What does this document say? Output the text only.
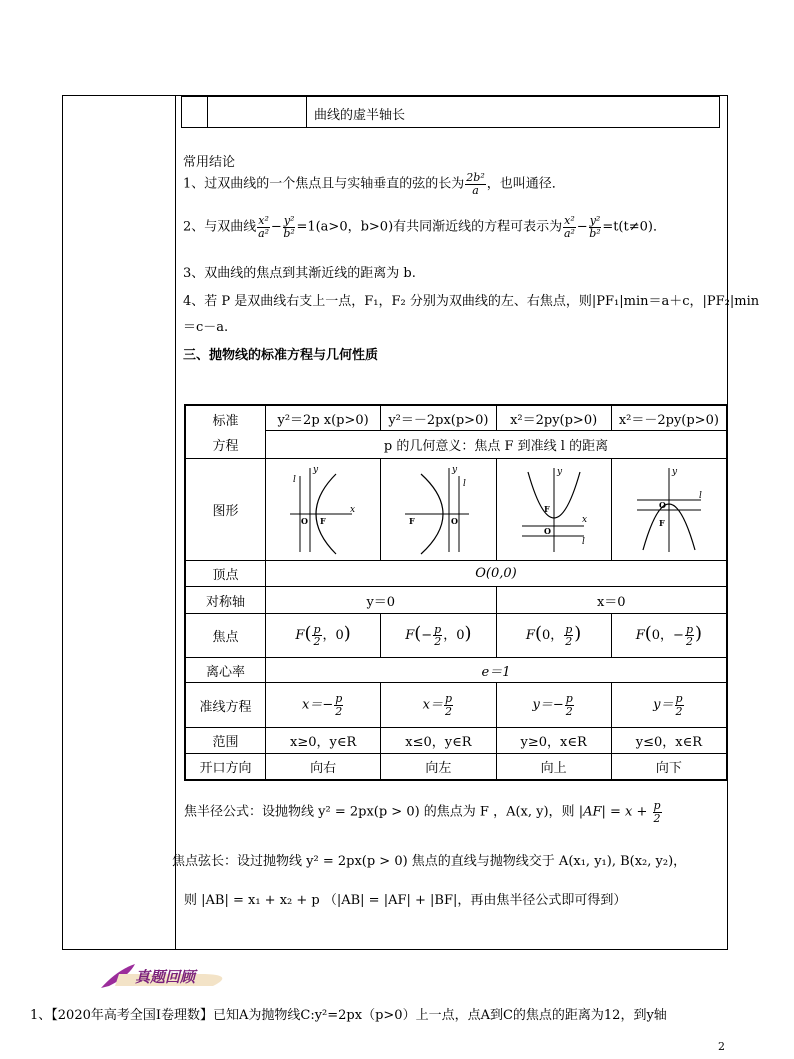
曲线的虚半轴长
常用结论
1、过双曲线的一个焦点且与实轴垂直的弦的长为 $\frac{\text{2b²}}{a}$ ，也叫通径．
2、与双曲线 $\frac{\text{x²}}{\text{a²}} - \frac{\text{y²}}{\text{b²}} =1(a>0$，b>0)有共同渐近线的方程可表示为 $\frac{\text{x²}}{\text{a²}} - \frac{\text{y²}}{\text{b²}} =t(t\ne 0)$．
3、双曲线的焦点到其渐近线的距离为 b.
4、若 P 是双曲线右支上一点，F₁，F₂ 分别为双曲线的左、右焦点，则|PF₁|min＝a＋c，|PF₂|min
＝c－a.
三、抛物线的标准方程与几何性质
标准
方程	y²＝2p x(p>0)	y²＝－2px(p>0)	x²＝2py(p>0)	x²＝－2py(p>0)
	p 的几何意义：焦点 F 到准线 l 的距离			
图形	y
x
O F
l	y
l
F O	y
x
l
F
O	y
l
O
F

顶点	O(0,0)			
对称轴	y＝0		x＝0	
焦点	$F( \frac{p}{2}$ ，0)	$F(- \frac{p}{2}$ ，0)	F(0， $\frac{p}{2}$ )	F(0，− $\frac{p}{2}$ )
离心率	e＝1			
准线方程	$x=- \frac{p}{2}$	$x= \frac{p}{2}$	$y=- \frac{p}{2}$	$y= \frac{p}{2}$

范围	x≥0，y∈R	x≤0，y∈R	y≥0，x∈R	y≤0，x∈R
开口方向	向右	向左	向上	向下
焦半径公式：设抛物线 y² = 2px(p > 0) 的焦点为 F ，A(x, y)，则 $|AF| = x + \frac{p}{2}$
焦点弦长：设过抛物线 y² = 2px(p > 0) 焦点的直线与抛物线交于 A(x₁, y₁), B(x₂, y₂)，
则 |AB| = x₁ + x₂ + p （|AB| = |AF| + |BF|，再由焦半径公式即可得到）
真题回顾
1、【2020年高考全国Ⅰ卷理数】已知A为抛物线C:y²=2px（p>0）上一点，点A到C的焦点的距离为12，到y轴
2
